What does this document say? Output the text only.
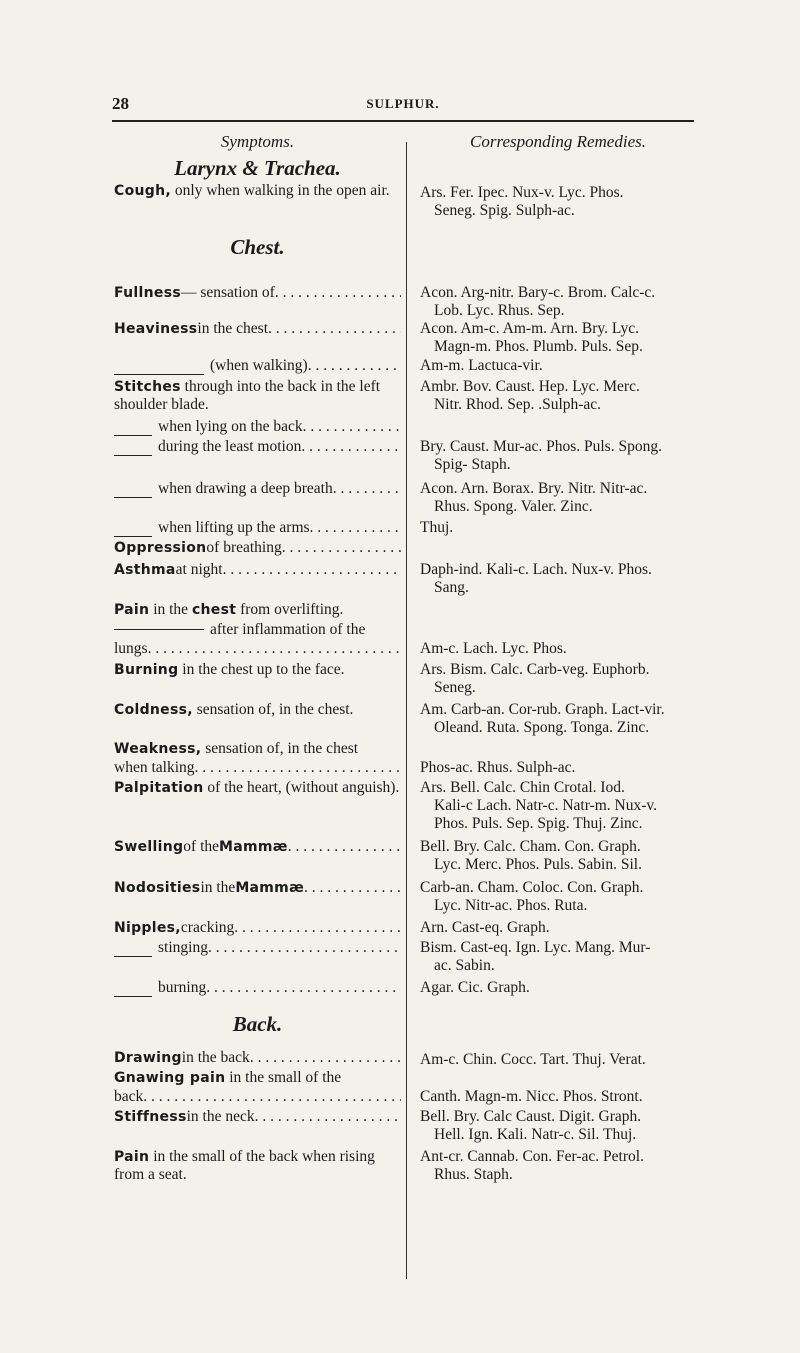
28	SULPHUR.
Symptoms.	Corresponding Remedies.
Larynx & Trachea.
Cough, only when walking in the open air.
Chest.
Fullness — sensation of
. . .
Heaviness in the chest
. . .
(when walking)
. . .
Stitches through into the back in the left shoulder blade.
when lying on the back
. . .
during the least motion
. . .
when drawing a deep breath
. . .
when lifting up the arms
. . .
Oppression of breathing
. . .
Asthma at night
. . .
Pain in the chest from overlifting.
after inflammation of the
lungs
. . .
Burning in the chest up to the face.
Coldness, sensation of, in the chest.
Weakness, sensation of, in the chest
when talking
. . .
Palpitation of the heart, (without anguish).
Swelling of the Mammæ
. . .
Nodosities in the Mammæ
. . .
Nipples, cracking
. . .
stinging
. . .
burning
. . .
Back.
Drawing in the back
. . .
Gnawing pain in the small of the
back
. . .
Stiffness in the neck
. . .
Pain in the small of the back when rising from a seat.
Ars. Fer. Ipec. Nux-v. Lyc. Phos.
Seneg. Spig. Sulph-ac.
Acon. Arg-nitr. Bary-c. Brom. Calc-c.
Lob. Lyc. Rhus. Sep.
Acon. Am-c. Am-m. Arn. Bry. Lyc.
Magn-m. Phos. Plumb. Puls. Sep.
Am-m. Lactuca-vir.
Ambr. Bov. Caust. Hep. Lyc. Merc.
Nitr. Rhod. Sep. .Sulph-ac.
Bry. Caust. Mur-ac. Phos. Puls. Spong.
Spig- Staph.
Acon. Arn. Borax. Bry. Nitr. Nitr-ac.
Rhus. Spong. Valer. Zinc.
Thuj.
Daph-ind. Kali-c. Lach. Nux-v. Phos.
Sang.
Am-c. Lach. Lyc. Phos.
Ars. Bism. Calc. Carb-veg. Euphorb.
Seneg.
Am. Carb-an. Cor-rub. Graph. Lact-vir.
Oleand. Ruta. Spong. Tonga. Zinc.
Phos-ac. Rhus. Sulph-ac.
Ars. Bell. Calc. Chin Crotal. Iod.
Kali-c Lach. Natr-c. Natr-m. Nux-v.
Phos. Puls. Sep. Spig. Thuj. Zinc.
Bell. Bry. Calc. Cham. Con. Graph.
Lyc. Merc. Phos. Puls. Sabin. Sil.
Carb-an. Cham. Coloc. Con. Graph.
Lyc. Nitr-ac. Phos. Ruta.
Arn. Cast-eq. Graph.
Bism. Cast-eq. Ign. Lyc. Mang. Mur-
ac. Sabin.
Agar. Cic. Graph.
Am-c. Chin. Cocc. Tart. Thuj. Verat.
Canth. Magn-m. Nicc. Phos. Stront.
Bell. Bry. Calc Caust. Digit. Graph.
Hell. Ign. Kali. Natr-c. Sil. Thuj.
Ant-cr. Cannab. Con. Fer-ac. Petrol.
Rhus. Staph.
